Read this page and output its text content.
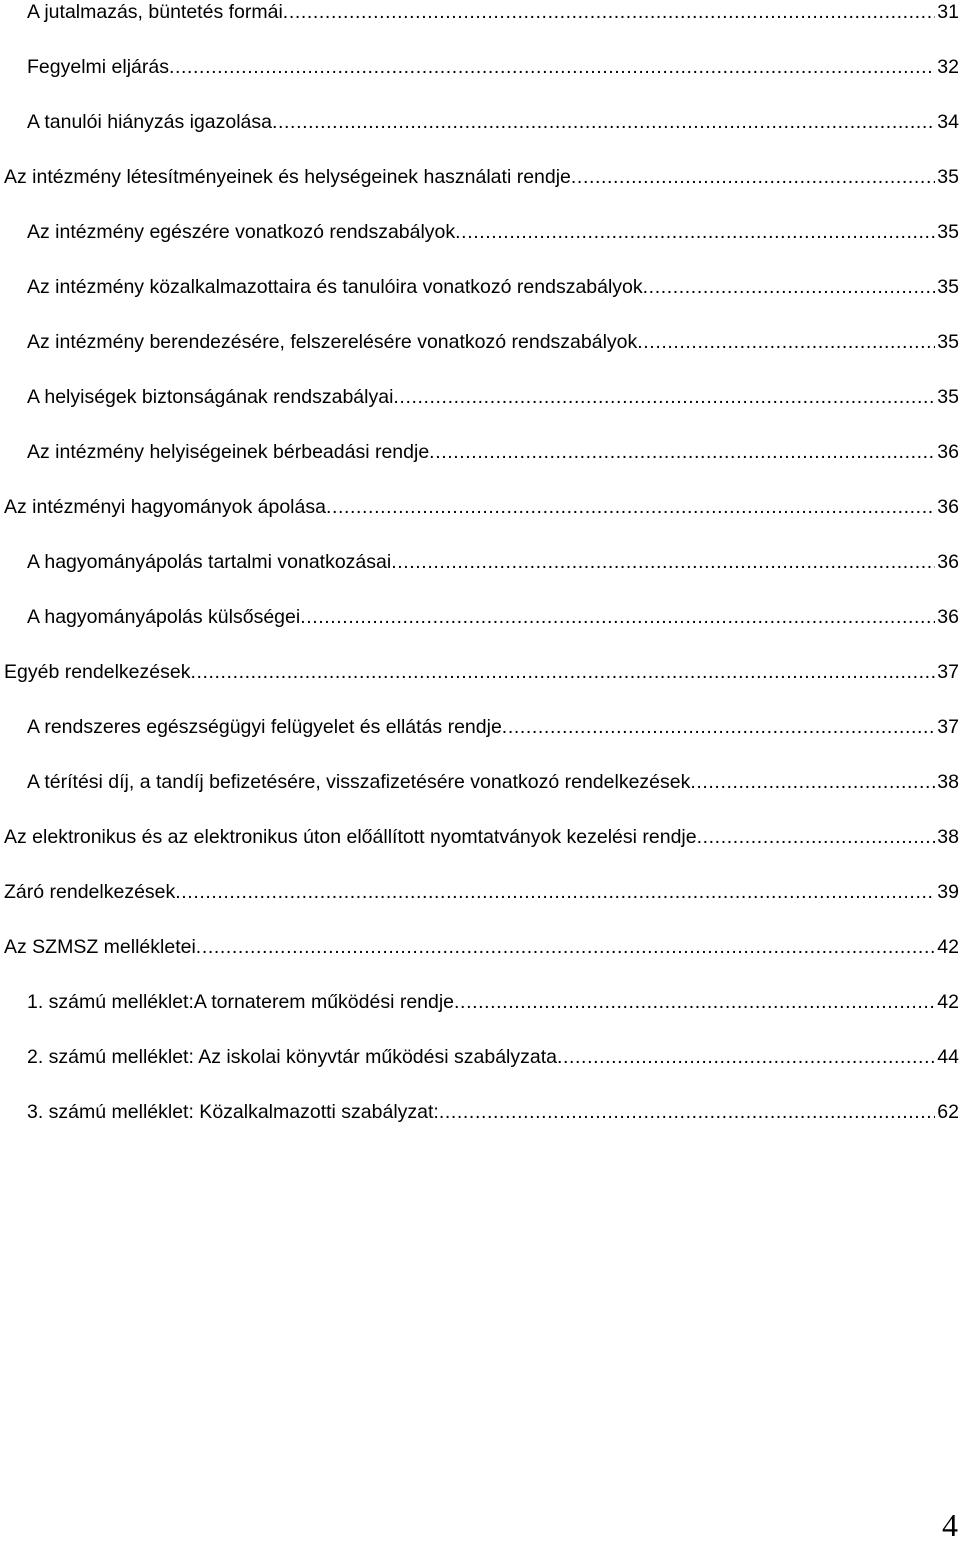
A jutalmazás, büntetés formái .....	31
Fegyelmi eljárás .....	32
A tanulói hiányzás igazolása .....	34
Az intézmény létesítményeinek és helységeinek használati rendje .....	35
Az intézmény egészére vonatkozó rendszabályok .....	35
Az intézmény közalkalmazottaira és tanulóira vonatkozó rendszabályok .....	35
Az intézmény berendezésére, felszerelésére vonatkozó rendszabályok .....	35
A helyiségek biztonságának rendszabályai .....	35
Az intézmény helyiségeinek bérbeadási rendje .....	36
Az intézményi hagyományok ápolása .....	36
A hagyományápolás tartalmi vonatkozásai .....	36
A hagyományápolás külsőségei .....	36
Egyéb rendelkezések .....	37
A rendszeres egészségügyi felügyelet és ellátás rendje .....	37
A térítési díj, a tandíj befizetésére, visszafizetésére vonatkozó rendelkezések .....	38
Az elektronikus és az elektronikus úton előállított nyomtatványok kezelési rendje .....	38
Záró rendelkezések .....	39
Az SZMSZ mellékletei .....	42
1. számú melléklet:A tornaterem működési rendje .....	42
2. számú melléklet: Az iskolai könyvtár működési szabályzata .....	44
3. számú melléklet: Közalkalmazotti szabályzat: .....	62
4
